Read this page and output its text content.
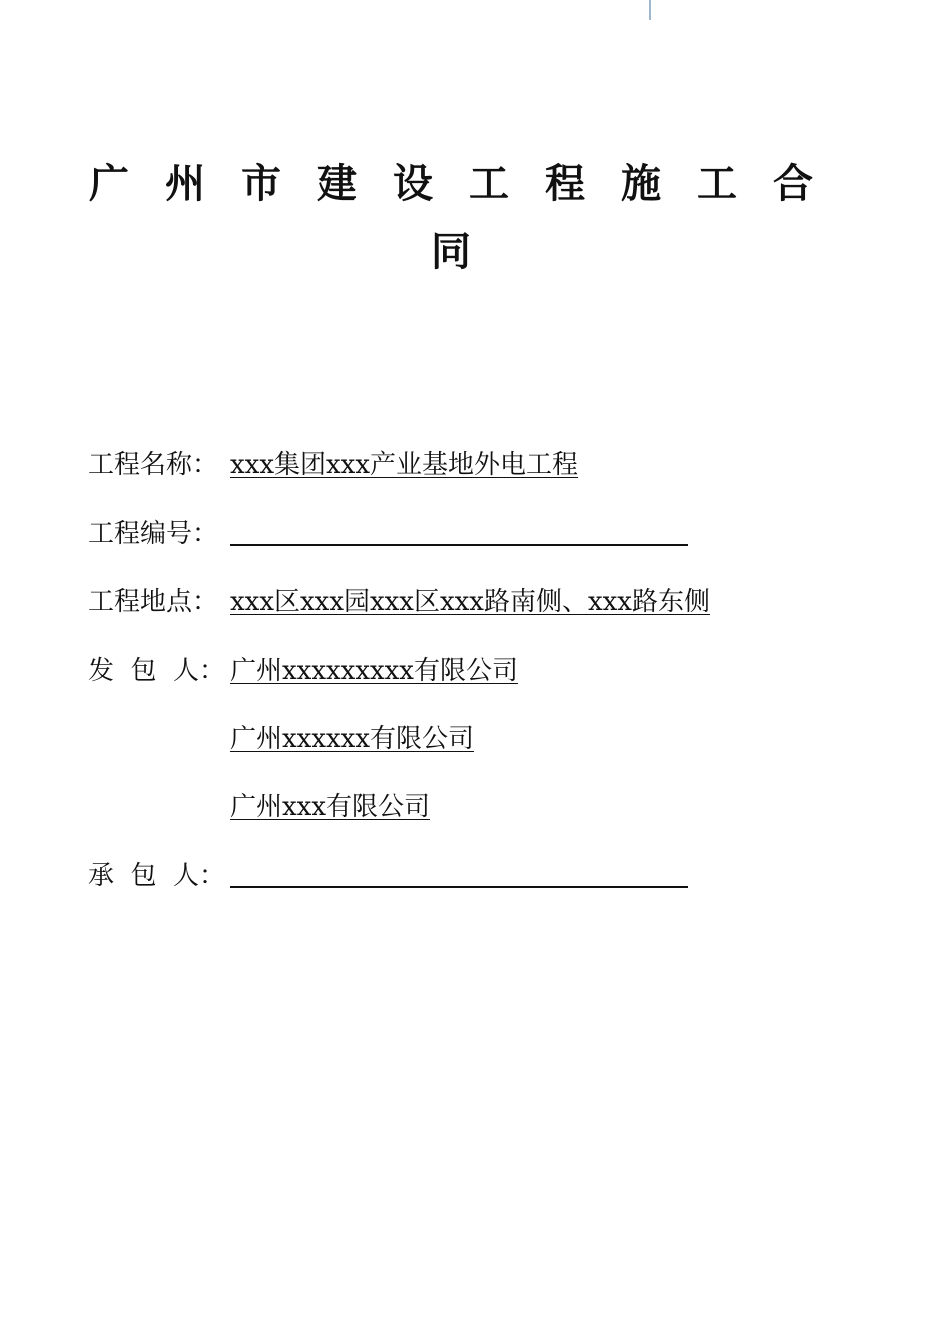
广州市建设工程施工合同
工程名称： xxx集团xxx产业基地外电工程
工程编号：
工程地点： xxx区xxx园xxx区xxx路南侧、xxx路东侧
发  包  人： 广州xxxxxxxxx有限公司
广州xxxxxx有限公司
广州xxx有限公司
承  包  人：
